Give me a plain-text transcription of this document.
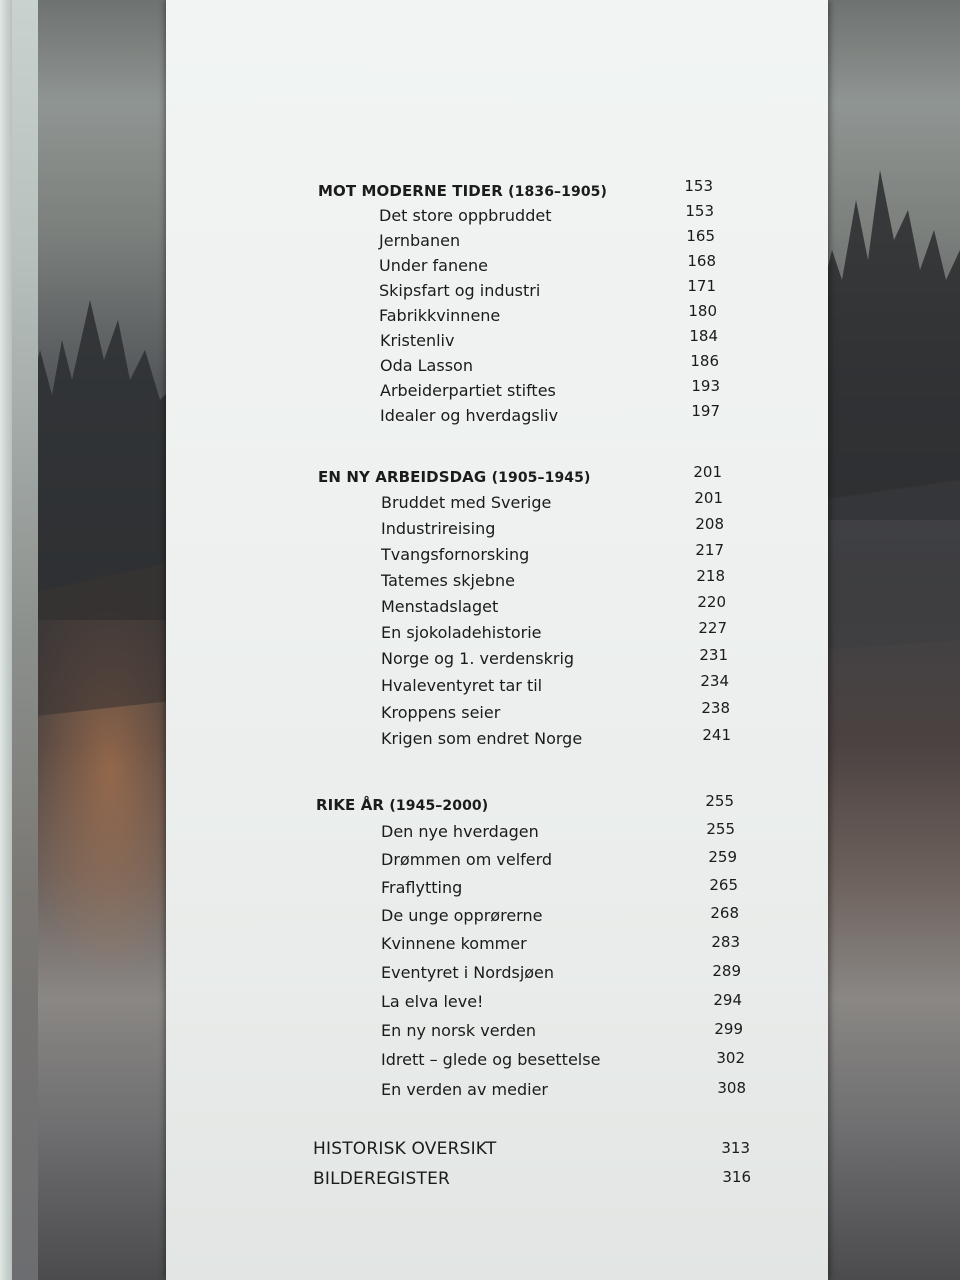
MOT MODERNE TIDER (1836–1905)	153
Det store oppbruddet	153
Jernbanen	165
Under fanene	168
Skipsfart og industri	171
Fabrikkvinnene	180
Kristenliv	184
Oda Lasson	186
Arbeiderpartiet stiftes	193
Idealer og hverdagsliv	197
EN NY ARBEIDSDAG (1905–1945)	201
Bruddet med Sverige	201
Industrireising	208
Tvangsfornorsking	217
Tatemes skjebne	218
Menstadslaget	220
En sjokoladehistorie	227
Norge og 1. verdenskrig	231
Hvaleventyret tar til	234
Kroppens seier	238
Krigen som endret Norge	241
RIKE ÅR (1945–2000)	255
Den nye hverdagen	255
Drømmen om velferd	259
Fraflytting	265
De unge opprørerne	268
Kvinnene kommer	283
Eventyret i Nordsjøen	289
La elva leve!	294
En ny norsk verden	299
Idrett – glede og besettelse	302
En verden av medier	308
HISTORISK OVERSIKT	313
BILDEREGISTER	316
